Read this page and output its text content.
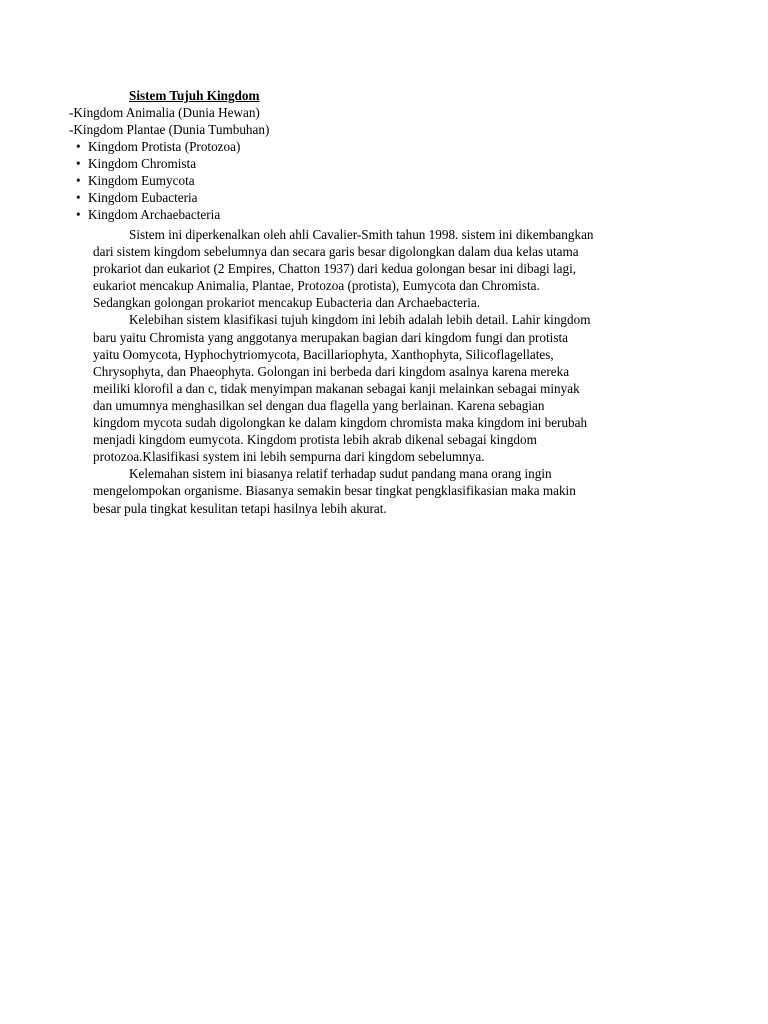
Sistem Tujuh Kingdom
-Kingdom Animalia (Dunia Hewan)
-Kingdom Plantae (Dunia Tumbuhan)
• Kingdom Protista (Protozoa)
• Kingdom Chromista
• Kingdom Eumycota
• Kingdom Eubacteria
• Kingdom Archaebacteria
Sistem ini diperkenalkan oleh ahli Cavalier-Smith tahun 1998. sistem ini dikembangkan
dari sistem kingdom sebelumnya dan secara garis besar digolongkan dalam dua kelas utama
prokariot dan eukariot (2 Empires, Chatton 1937) dari kedua golongan besar ini dibagi lagi,
eukariot mencakup Animalia, Plantae, Protozoa (protista), Eumycota dan Chromista.
Sedangkan golongan prokariot mencakup Eubacteria dan Archaebacteria.
Kelebihan sistem klasifikasi tujuh kingdom ini lebih adalah lebih detail. Lahir kingdom
baru yaitu Chromista yang anggotanya merupakan bagian dari kingdom fungi dan protista
yaitu Oomycota, Hyphochytriomycota, Bacillariophyta, Xanthophyta, Silicoflagellates,
Chrysophyta, dan Phaeophyta. Golongan ini berbeda dari kingdom asalnya karena mereka
meiliki klorofil a dan c, tidak menyimpan makanan sebagai kanji melainkan sebagai minyak
dan umumnya menghasilkan sel dengan dua flagella yang berlainan. Karena sebagian
kingdom mycota sudah digolongkan ke dalam kingdom chromista maka kingdom ini berubah
menjadi kingdom eumycota. Kingdom protista lebih akrab dikenal sebagai kingdom
protozoa.Klasifikasi system ini lebih sempurna dari kingdom sebelumnya.
Kelemahan sistem ini biasanya relatif terhadap sudut pandang mana orang ingin
mengelompokan organisme. Biasanya semakin besar tingkat pengklasifikasian maka makin
besar pula tingkat kesulitan tetapi hasilnya lebih akurat.
